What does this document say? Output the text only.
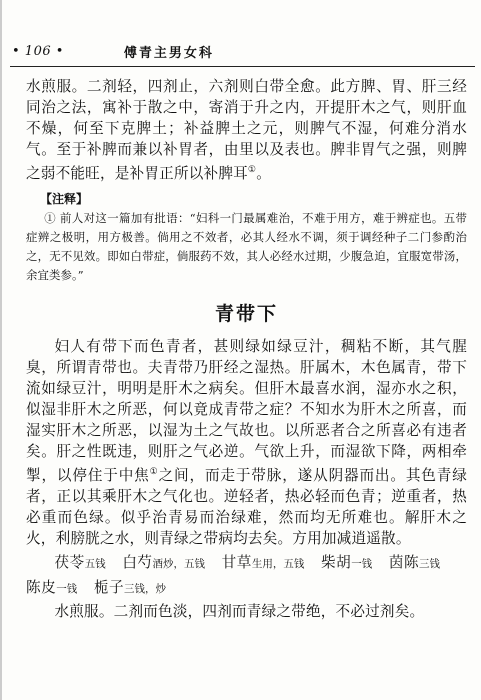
• 106 •	傅青主男女科

水煎服。二剂轻，四剂止，六剂则白带全愈。此方脾、胃、肝三经同治之法，寓补于散之中，寄消于升之内，开提肝木之气，则肝血不燥，何至下克脾土；补益脾土之元，则脾气不湿，何难分消水气。至于补脾而兼以补胃者，由里以及表也。脾非胃气之强，则脾之弱不能旺，是补胃正所以补脾耳①。

【注释】

① 前人对这一篇加有批语：“妇科一门最属难治，不难于用方，难于辨症也。五带症辨之极明，用方极善。倘用之不效者，必其人经水不调，须于调经种子二门参酌治之，无不见效。即如白带症，倘服药不效，其人必经水过期，少腹急迫，宜服宽带汤，余宜类参。”

青带下

妇人有带下而色青者，甚则绿如绿豆汁，稠粘不断，其气腥臭，所谓青带也。夫青带乃肝经之湿热。肝属木，木色属青，带下流如绿豆汁，明明是肝木之病矣。但肝木最喜水润，湿亦水之积，似湿非肝木之所恶，何以竟成青带之症？不知水为肝木之所喜，而湿实肝木之所恶，以湿为土之气故也。以所恶者合之所喜必有违者矣。肝之性既违，则肝之气必逆。气欲上升，而湿欲下降，两相牵掣，以停住于中焦①之间，而走于带脉，遂从阴器而出。其色青绿者，正以其乘肝木之气化也。逆轻者，热必轻而色青；逆重者，热必重而色绿。似乎治青易而治绿难，然而均无所难也。解肝木之火，利膀胱之水，则青绿之带病均去矣。方用加减逍遥散。

茯苓五钱 白芍酒炒，五钱 甘草生用，五钱 柴胡一钱 茵陈三钱 陈皮一钱 栀子三钱，炒

水煎服。二剂而色淡，四剂而青绿之带绝，不必过剂矣。
